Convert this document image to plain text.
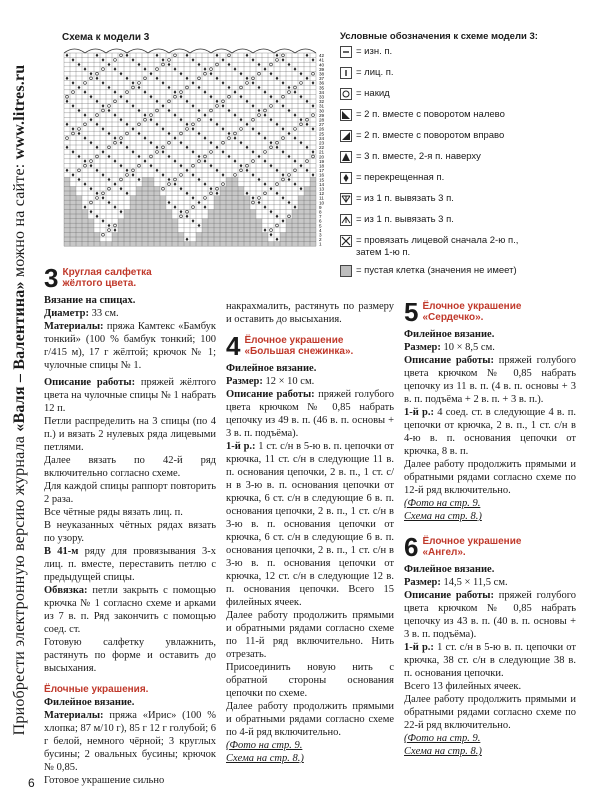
Приобрести электронную версию журнала «Валя – Валентина» можно на сайте: www.litres.ru
6
Схема к модели 3
42
41
40
39
38
37
36
35
34
33
32
31
30
29
28
27
26
25
24
23
22
21
20
19
18
17
16
15
14
13
12
11
10
9
8
7
6
5
4
3
2
1
Условные обозначения к схеме модели 3:
= изн. п.
= лиц. п.
= накид
= 2 п. вместе с поворотом налево
= 2 п. вместе с поворотом вправо
= 3 п. вместе, 2-я п. наверху
= перекрещенная п.
= из 1 п. вывязать 3 п.
= из 1 п. вывязать 3 п.
= провязать лицевой сначала 2-ю п.,
затем 1-ю п.
= пустая клетка (значения не имеет)
3 Круглая салфетка
жёлтого цвета.

Вязание на спицах.

Диаметр: 33 см.

Материалы: пряжа Камтекс «Бамбук тонкий» (100 % бамбук тонкий; 100 г/415 м), 17 г жёлтой; крючок № 1; чулочные спицы № 1.

Описание работы: пряжей жёлтого цвета на чулочные спицы № 1 набрать 12 п.

Петли распределить на 3 спицы (по 4 п.) и вязать 2 нулевых ряда лицевыми петлями.

Далее вязать по 42-й ряд включительно согласно схеме.

Для каждой спицы раппорт повторить 2 раза.

Все чётные ряды вязать лиц. п.

В неуказанных чётных рядах вязать по узору.

В 41-м ряду для провязывания 3-х лиц. п. вместе, переставить петлю с предыдущей спицы.

Обвязка: петли закрыть с помощью крючка № 1 согласно схеме и арками из 7 в. п. Ряд закончить с помощью соед. ст.

Готовую салфетку увлажнить, растянуть по форме и оставить до высыхания.

Ёлочные украшения.

Филейное вязание.

Материалы: пряжа «Ирис» (100 % хлопка; 87 м/10 г), 85 г 12 г голубой; 6 г белой, немного чёрной; 3 круглых бусины; 2 овальных бусины; крючок № 0,85.

Готовое украшение сильно

накрахмалить, растянуть по размеру и оставить до высыхания.

4 Ёлочное украшение
«Большая снежинка».

Филейное вязание.

Размер: 12 × 10 см.

Описание работы: пряжей голубого цвета крючком № 0,85 набрать цепочку из 49 в. п. (46 в. п. основы + 3 в. п. подъёма).

1-й р.: 1 ст. с/н в 5-ю в. п. цепочки от крючка, 11 ст. с/н в следующие 11 в. п. основания цепочки, 2 в. п., 1 ст. с/н в 3-ю в. п. основания цепочки от крючка, 6 ст. с/н в следующие 6 в. п. основания цепочки, 2 в. п., 1 ст. с/н в 3-ю в. п. основания цепочки от крючка, 6 ст. с/н в следующие 6 в. п. основания цепочки, 2 в. п., 1 ст. с/н в 3-ю в. п. основания цепочки от крючка, 12 ст. с/н в следующие 12 в. п. основания цепочки. Всего 15 филейных ячеек.

Далее работу продолжить прямыми и обратными рядами согласно схеме по 11-й ряд включительно. Нить отрезать.

Присоединить новую нить с обратной стороны основания цепочки по схеме.

Далее работу продолжить прямыми и обратными рядами согласно схеме по 4-й ряд включительно.

(Фото на стр. 9.

Схема на стр. 8.)

5 Ёлочное украшение
«Сердечко».

Филейное вязание.

Размер: 10 × 8,5 см.

Описание работы: пряжей голубого цвета крючком № 0,85 набрать цепочку из 11 в. п. (4 в. п. основы + 3 в. п. подъёма + 2 в. п. + 3 в. п.).

1-й р.: 4 соед. ст. в следующие 4 в. п. цепочки от крючка, 2 в. п., 1 ст. с/н в 4-ю в. п. основания цепочки от крючка, 8 в. п.

Далее работу продолжить прямыми и обратными рядами согласно схеме по 12-й ряд включительно.

(Фото на стр. 9.

Схема на стр. 8.)

6 Ёлочное украшение
«Ангел».

Филейное вязание.

Размер: 14,5 × 11,5 см.

Описание работы: пряжей голубого цвета крючком № 0,85 набрать цепочку из 43 в. п. (40 в. п. основы + 3 в. п. подъёма).

1-й р.: 1 ст. с/н в 5-ю в. п. цепочки от крючка, 38 ст. с/н в следующие 38 в. п. основания цепочки.

Всего 13 филейных ячеек.

Далее работу продолжить прямыми и обратными рядами согласно схеме по 22-й ряд включительно.

(Фото на стр. 9.

Схема на стр. 8.)
